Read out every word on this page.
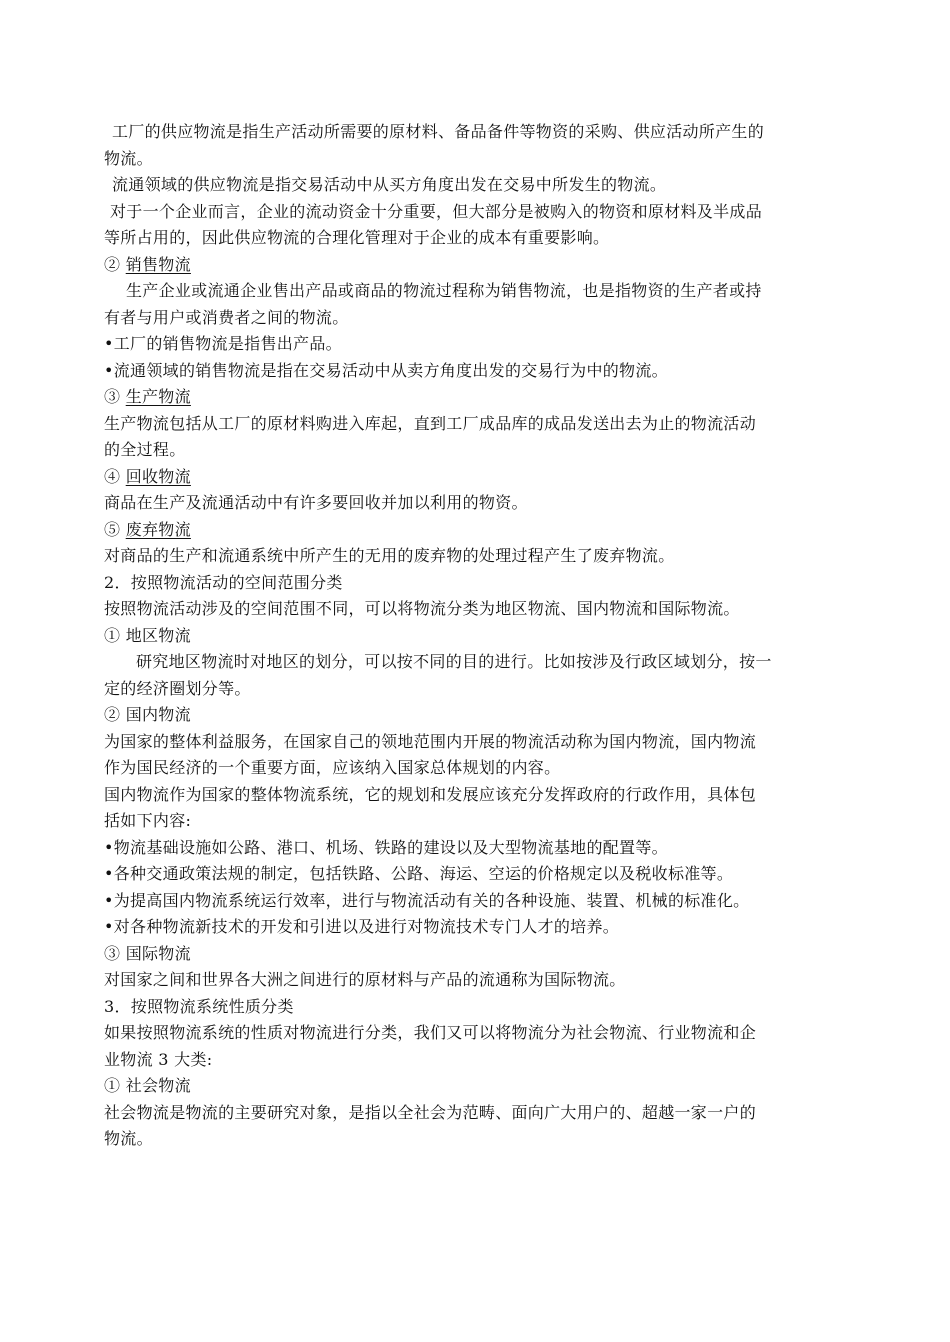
工厂的供应物流是指生产活动所需要的原材料、备品备件等物资的采购、供应活动所产生的
物流。
流通领域的供应物流是指交易活动中从买方角度出发在交易中所发生的物流。
对于一个企业而言，企业的流动资金十分重要，但大部分是被购入的物资和原材料及半成品
等所占用的，因此供应物流的合理化管理对于企业的成本有重要影响。
② 销售物流
生产企业或流通企业售出产品或商品的物流过程称为销售物流，也是指物资的生产者或持
有者与用户或消费者之间的物流。
•工厂的销售物流是指售出产品。
•流通领域的销售物流是指在交易活动中从卖方角度出发的交易行为中的物流。
③ 生产物流
生产物流包括从工厂的原材料购进入库起，直到工厂成品库的成品发送出去为止的物流活动
的全过程。
④ 回收物流
商品在生产及流通活动中有许多要回收并加以利用的物资。
⑤ 废弃物流
对商品的生产和流通系统中所产生的无用的废弃物的处理过程产生了废弃物流。
2．按照物流活动的空间范围分类
按照物流活动涉及的空间范围不同，可以将物流分类为地区物流、国内物流和国际物流。
① 地区物流
研究地区物流时对地区的划分，可以按不同的目的进行。比如按涉及行政区域划分，按一
定的经济圈划分等。
② 国内物流
为国家的整体利益服务，在国家自己的领地范围内开展的物流活动称为国内物流，国内物流
作为国民经济的一个重要方面，应该纳入国家总体规划的内容。
国内物流作为国家的整体物流系统，它的规划和发展应该充分发挥政府的行政作用，具体包
括如下内容:
•物流基础设施如公路、港口、机场、铁路的建设以及大型物流基地的配置等。
•各种交通政策法规的制定，包括铁路、公路、海运、空运的价格规定以及税收标准等。
•为提高国内物流系统运行效率，进行与物流活动有关的各种设施、装置、机械的标准化。
•对各种物流新技术的开发和引进以及进行对物流技术专门人才的培养。
③ 国际物流
对国家之间和世界各大洲之间进行的原材料与产品的流通称为国际物流。
3．按照物流系统性质分类
如果按照物流系统的性质对物流进行分类，我们又可以将物流分为社会物流、行业物流和企
业物流 3 大类:
① 社会物流
社会物流是物流的主要研究对象，是指以全社会为范畴、面向广大用户的、超越一家一户的
物流。
